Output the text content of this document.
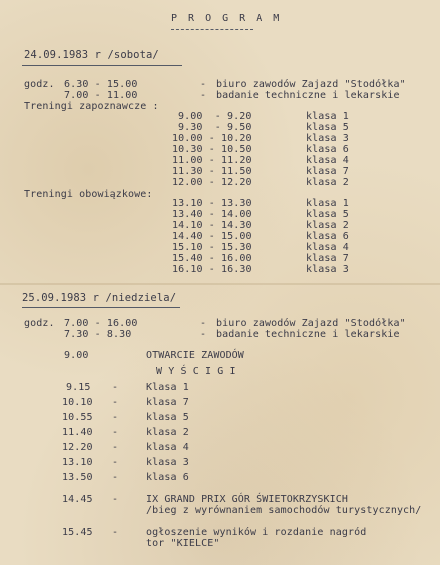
P R O G R A M
24.09.1983 r /sobota/
godz. 6.30 - 15.00	- biuro zawodów Zajazd "Stodółka"
7.00 - 11.00	- badanie techniczne i lekarskie
Treningi zapoznawcze :
9.00  - 9.20	klasa 1
9.30  - 9.50	klasa 5
10.00 - 10.20	klasa 3
10.30 - 10.50	klasa 6
11.00 - 11.20	klasa 4
11.30 - 11.50	klasa 7
12.00 - 12.20	klasa 2
Treningi obowiązkowe:
13.10 - 13.30	klasa 1
13.40 - 14.00	klasa 5
14.10 - 14.30	klasa 2
14.40 - 15.00	klasa 6
15.10 - 15.30	klasa 4
15.40 - 16.00	klasa 7
16.10 - 16.30	klasa 3
25.09.1983 r /niedziela/
godz. 7.00 - 16.00	- biuro zawodów Zajazd "Stodółka"
7.30 - 8.30	- badanie techniczne i lekarskie
9.00	OTWARCIE ZAWODÓW
W Y Ś C I G I
9.15 -	Klasa 1
10.10 -	klasa 7
10.55 -	klasa 5
11.40 -	klasa 2
12.20 -	klasa 4
13.10 -	klasa 3
13.50 -	klasa 6
14.45 -	IX GRAND PRIX GÓR ŚWIETOKRZYSKICH
/bieg z wyrównaniem samochodów turystycznych/
15.45 -	ogłoszenie wyników i rozdanie nagród
tor "KIELCE"
